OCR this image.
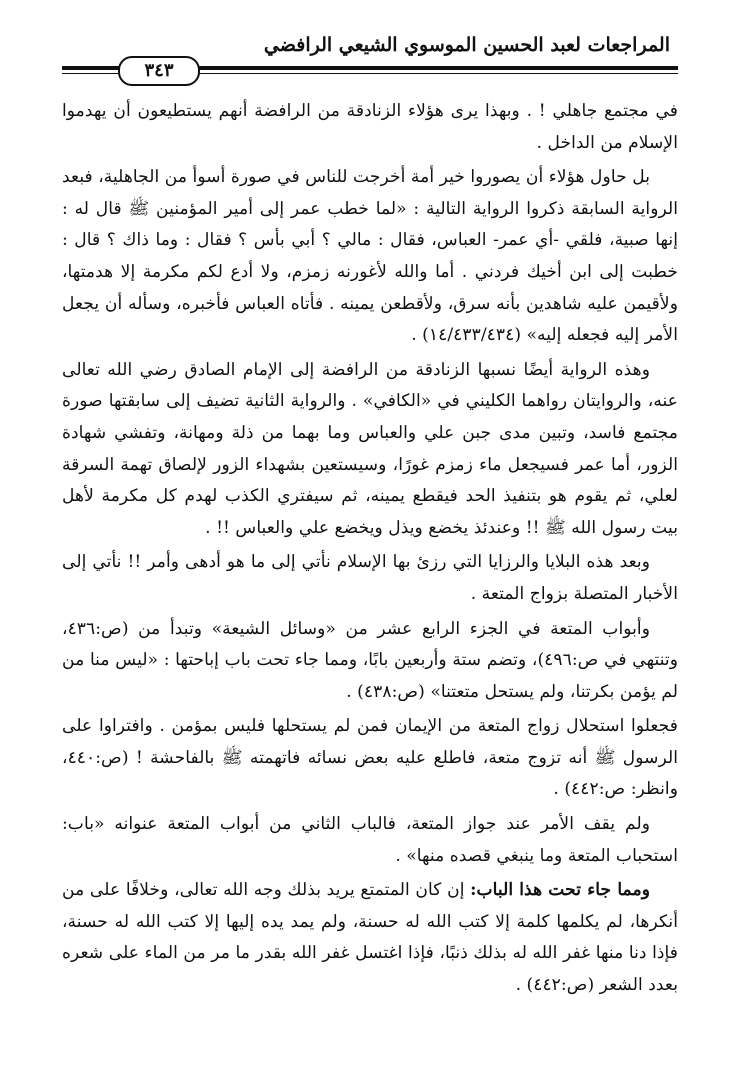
المراجعات لعبد الحسين الموسوي الشيعي الرافضي
٣٤٣

في مجتمع جاهلي ! . وبهذا يرى هؤلاء الزنادقة من الرافضة أنهم يستطيعون أن يهدموا الإسلام من الداخل .

بل حاول هؤلاء أن يصوروا خير أمة أخرجت للناس في صورة أسوأ من الجاهلية، فبعد الرواية السابقة ذكروا الرواية التالية : «لما خطب عمر إلى أمير المؤمنين ﷺ قال له : إنها صبية، فلقي -أي عمر- العباس، فقال : مالي ؟ أبي بأس ؟ فقال : وما ذاك ؟ قال : خطبت إلى ابن أخيك فردني . أما والله لأغورنه زمزم، ولا أدع لكم مكرمة إلا هدمتها، ولأقيمن عليه شاهدين بأنه سرق، ولأقطعن يمينه . فأتاه العباس فأخبره، وسأله أن يجعل الأمر إليه فجعله إليه» (١٤/٤٣٣/٤٣٤) .

وهذه الرواية أيضًا نسبها الزنادقة من الرافضة إلى الإمام الصادق رضي الله تعالى عنه، والروايتان رواهما الكليني في «الكافي» . والرواية الثانية تضيف إلى سابقتها صورة مجتمع فاسد، وتبين مدى جبن علي والعباس وما بهما من ذلة ومهانة، وتفشي شهادة الزور، أما عمر فسيجعل ماء زمزم غورًا، وسيستعين بشهداء الزور لإلصاق تهمة السرقة لعلي، ثم يقوم هو بتنفيذ الحد فيقطع يمينه، ثم سيفتري الكذب لهدم كل مكرمة لأهل بيت رسول الله ﷺ !! وعندئذ يخضع ويذل ويخضع علي والعباس !! .

وبعد هذه البلايا والرزايا التي رزئ بها الإسلام نأتي إلى ما هو أدهى وأمر !! نأتي إلى الأخبار المتصلة بزواج المتعة .

وأبواب المتعة في الجزء الرابع عشر من «وسائل الشيعة» وتبدأ من (ص:٤٣٦، وتنتهي في ص:٤٩٦)، وتضم ستة وأربعين بابًا، ومما جاء تحت باب إباحتها : «ليس منا من لم يؤمن بكرتنا، ولم يستحل متعتنا» (ص:٤٣٨) .

فجعلوا استحلال زواج المتعة من الإيمان فمن لم يستحلها فليس بمؤمن . وافتراوا على الرسول ﷺ أنه تزوج متعة، فاطلع عليه بعض نسائه فاتهمته ﷺ بالفاحشة ! (ص:٤٤٠، وانظر: ص:٤٤٢) .

ولم يقف الأمر عند جواز المتعة، فالباب الثاني من أبواب المتعة عنوانه «باب: استحباب المتعة وما ينبغي قصده منها» .

ومما جاء تحت هذا الباب: إن كان المتمتع يريد بذلك وجه الله تعالى، وخلافًا على من أنكرها، لم يكلمها كلمة إلا كتب الله له حسنة، ولم يمد يده إليها إلا كتب الله له حسنة، فإذا دنا منها غفر الله له بذلك ذنبًا، فإذا اغتسل غفر الله بقدر ما مر من الماء على شعره بعدد الشعر (ص:٤٤٢) .
